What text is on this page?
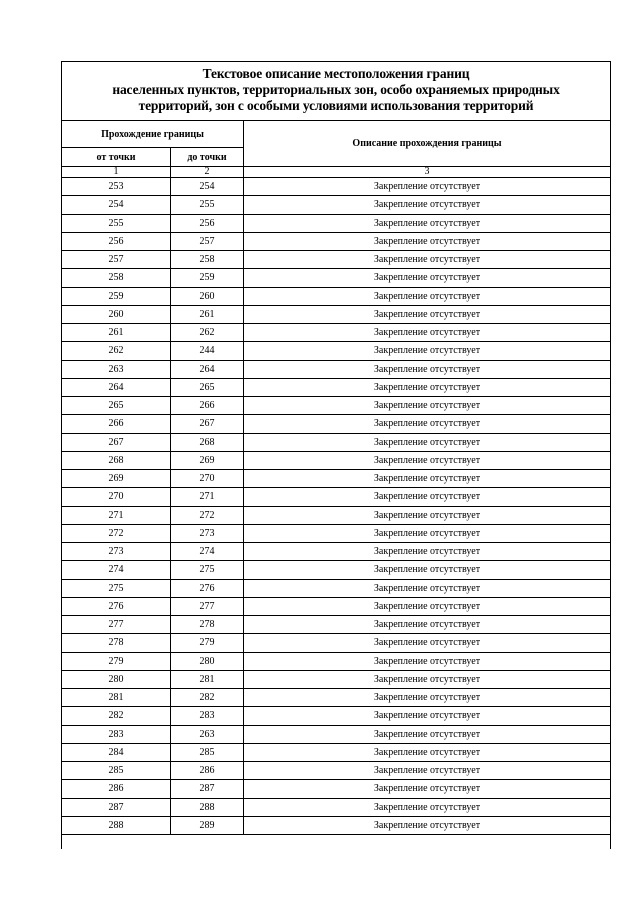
Текстовое описание местоположения границ
населенных пунктов, территориальных зон, особо охраняемых природных
территорий, зон с особыми условиями использования территорий
Прохождение границы		Описание прохождения границы
от точки	до точки	
1	2	3
253	254	Закрепление отсутствует
254	255	Закрепление отсутствует
255	256	Закрепление отсутствует
256	257	Закрепление отсутствует
257	258	Закрепление отсутствует
258	259	Закрепление отсутствует
259	260	Закрепление отсутствует
260	261	Закрепление отсутствует
261	262	Закрепление отсутствует
262	244	Закрепление отсутствует
263	264	Закрепление отсутствует
264	265	Закрепление отсутствует
265	266	Закрепление отсутствует
266	267	Закрепление отсутствует
267	268	Закрепление отсутствует
268	269	Закрепление отсутствует
269	270	Закрепление отсутствует
270	271	Закрепление отсутствует
271	272	Закрепление отсутствует
272	273	Закрепление отсутствует
273	274	Закрепление отсутствует
274	275	Закрепление отсутствует
275	276	Закрепление отсутствует
276	277	Закрепление отсутствует
277	278	Закрепление отсутствует
278	279	Закрепление отсутствует
279	280	Закрепление отсутствует
280	281	Закрепление отсутствует
281	282	Закрепление отсутствует
282	283	Закрепление отсутствует
283	263	Закрепление отсутствует
284	285	Закрепление отсутствует
285	286	Закрепление отсутствует
286	287	Закрепление отсутствует
287	288	Закрепление отсутствует
288	289	Закрепление отсутствует
